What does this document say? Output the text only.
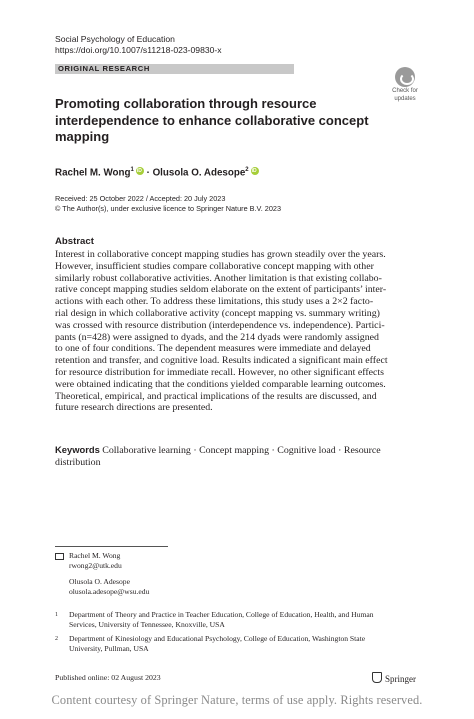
Social Psychology of Education
https://doi.org/10.1007/s11218-023-09830-x
ORIGINAL RESEARCH
Check for
updates
Promoting collaboration through resource interdependence to enhance collaborative concept mapping
Rachel M. Wong$^1$iD · Olusola O. Adesope$^2$iD
Received: 25 October 2022 / Accepted: 20 July 2023
© The Author(s), under exclusive licence to Springer Nature B.V. 2023
Abstract
Interest in collaborative concept mapping studies has grown steadily over the years.
However, insufficient studies compare collaborative concept mapping with other
similarly robust collaborative activities. Another limitation is that existing collabo-
rative concept mapping studies seldom elaborate on the extent of participants’ inter-
actions with each other. To address these limitations, this study uses a 2×2 facto-
rial design in which collaborative activity (concept mapping vs. summary writing)
was crossed with resource distribution (interdependence vs. independence). Partici-
pants (n=428) were assigned to dyads, and the 214 dyads were randomly assigned
to one of four conditions. The dependent measures were immediate and delayed
retention and transfer, and cognitive load. Results indicated a significant main effect
for resource distribution for immediate recall. However, no other significant effects
were obtained indicating that the conditions yielded comparable learning outcomes.
Theoretical, empirical, and practical implications of the results are discussed, and
future research directions are presented.
Keywords Collaborative learning · Concept mapping · Cognitive load · Resource distribution
Rachel M. Wong
rwong2@utk.edu
Olusola O. Adesope
olusola.adesope@wsu.edu
1	Department of Theory and Practice in Teacher Education, College of Education, Health, and Human Services, University of Tennessee, Knoxville, USA
2	Department of Kinesiology and Educational Psychology, College of Education, Washington State University, Pullman, USA
Published online: 02 August 2023	Springer
Content courtesy of Springer Nature, terms of use apply. Rights reserved.
